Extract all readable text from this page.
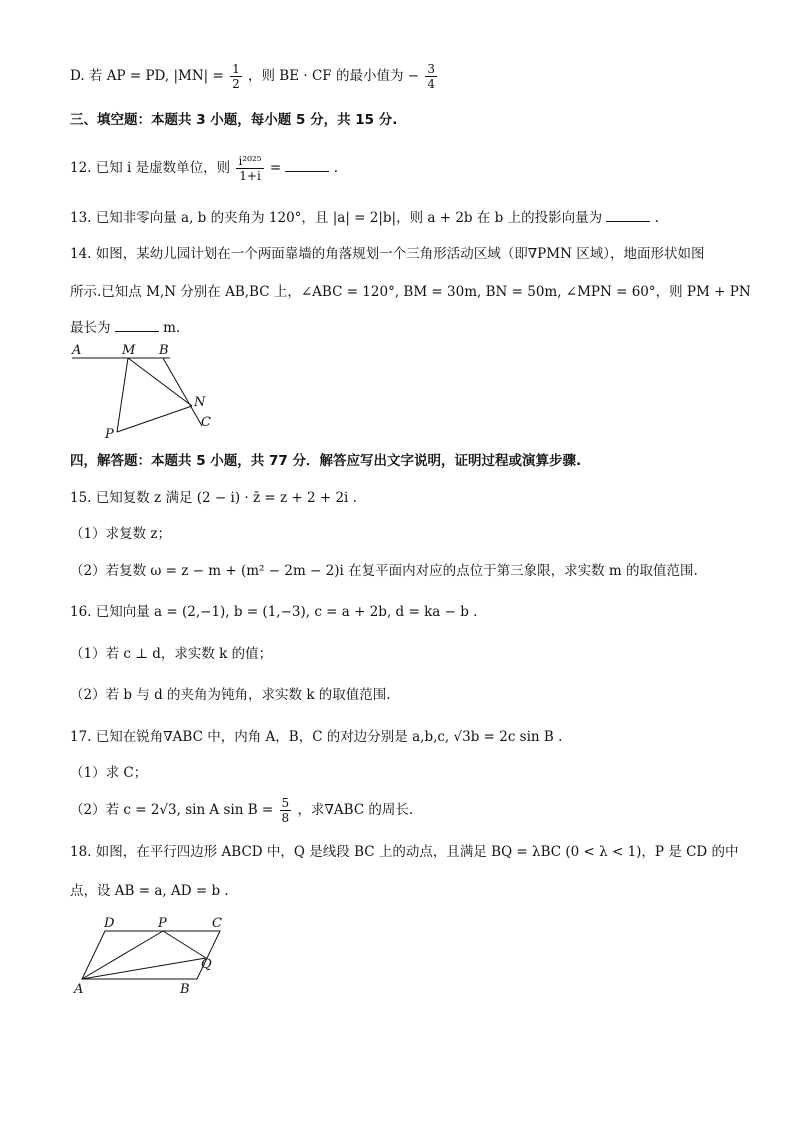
D. 若 AP = PD, $|MN| = \frac{1}{2}$ ，则 BE · CF 的最小值为 − $\frac{3}{4}$
三、填空题：本题共 3 小题，每小题 5 分，共 15 分.
12. 已知 i 是虚数单位，则 $\frac{\text{i²⁰²⁵}}{1+i}$ =	.
13. 已知非零向量 a, b 的夹角为 120°，且 |a| = 2|b|，则 a + 2b 在 b 上的投影向量为	.
14. 如图，某幼儿园计划在一个两面靠墙的角落规划一个三角形活动区域（即∇PMN 区域），地面形状如图
所示.已知点 M,N 分别在 AB,BC 上，∠ABC = 120°, BM = 30m, BN = 50m, ∠MPN = 60°，则 PM + PN
最长为	m.
A	M B
N
C
P
四，解答题：本题共 5 小题，共 77 分．解答应写出文字说明，证明过程或演算步骤.
15. 已知复数 z 满足 (2 − i) · z̄ = z + 2 + 2i .
（1）求复数 z；
（2）若复数 ω = z − m + (m² − 2m − 2)i 在复平面内对应的点位于第三象限，求实数 m 的取值范围.
16. 已知向量 a = (2,−1), b = (1,−3), c = a + 2b, d = ka − b .
（1）若 c ⊥ d，求实数 k 的值；
（2）若 b 与 d 的夹角为钝角，求实数 k 的取值范围.
17. 已知在锐角∇ABC 中，内角 A，B，C 的对边分别是 a,b,c, √3b = 2c sin B .
（1）求 C；
（2）若 c = 2√3, sin A $\sin B = \frac{5}{8}$ ，求∇ABC 的周长.
18. 如图，在平行四边形 ABCD 中，Q 是线段 BC 上的动点，且满足 BQ = λBC (0 < λ < 1)，P 是 CD 的中
点，设 AB = a, AD = b .
D	P	C
Q
A	B
